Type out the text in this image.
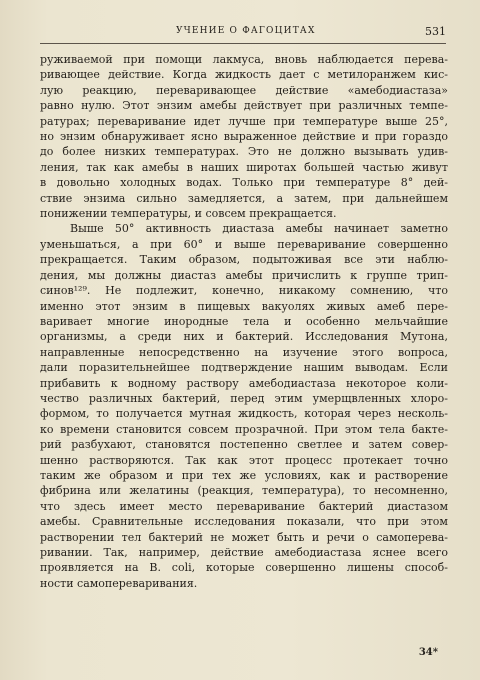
УЧЕНИЕ О ФАГОЦИТАХ	531
руживаемой при помощи лакмуса, вновь наблюдается перева-
ривающее действие. Когда жидкость дает с метилоранжем кис-
лую реакцию, переваривающее действие «амебодиастаза»
равно нулю. Этот энзим амебы действует при различных темпе-
ратурах; переваривание идет лучше при температуре выше 25°,
но энзим обнаруживает ясно выраженное действие и при гораздо
до более низких температурах. Это не должно вызывать удив-
ления, так как амебы в наших широтах большей частью живут
в довольно холодных водах. Только при температуре 8° дей-
ствие энзима сильно замедляется, а затем, при дальнейшем
понижении температуры, и совсем прекращается.
Выше 50° активность диастаза амебы начинает заметно
уменьшаться, а при 60° и выше переваривание совершенно
прекращается. Таким образом, подытоживая все эти наблю-
дения, мы должны диастаз амебы причислить к группе трип-
синов¹²⁹. Не подлежит, конечно, никакому сомнению, что
именно этот энзим в пищевых вакуолях живых амеб пере-
варивает многие инородные тела и особенно мельчайшие
организмы, а среди них и бактерий. Исследования Мутона,
направленные непосредственно на изучение этого вопроса,
дали поразительнейшее подтверждение нашим выводам. Если
прибавить к водному раствору амебодиастаза некоторое коли-
чество различных бактерий, перед этим умерщвленных хлоро-
формом, то получается мутная жидкость, которая через несколь-
ко времени становится совсем прозрачной. При этом тела бакте-
рий разбухают, становятся постепенно светлее и затем совер-
шенно растворяются. Так как этот процесс протекает точно
таким же образом и при тех же условиях, как и растворение
фибрина или желатины (реакция, температура), то несомненно,
что здесь имеет место переваривание бактерий диастазом
амебы. Сравнительные исследования показали, что при этом
растворении тел бактерий не может быть и речи о самоперева-
ривании. Так, например, действие амебодиастаза яснее всего
проявляется на B. coli, которые совершенно лишены способ-
ности самопереваривания.
34*
